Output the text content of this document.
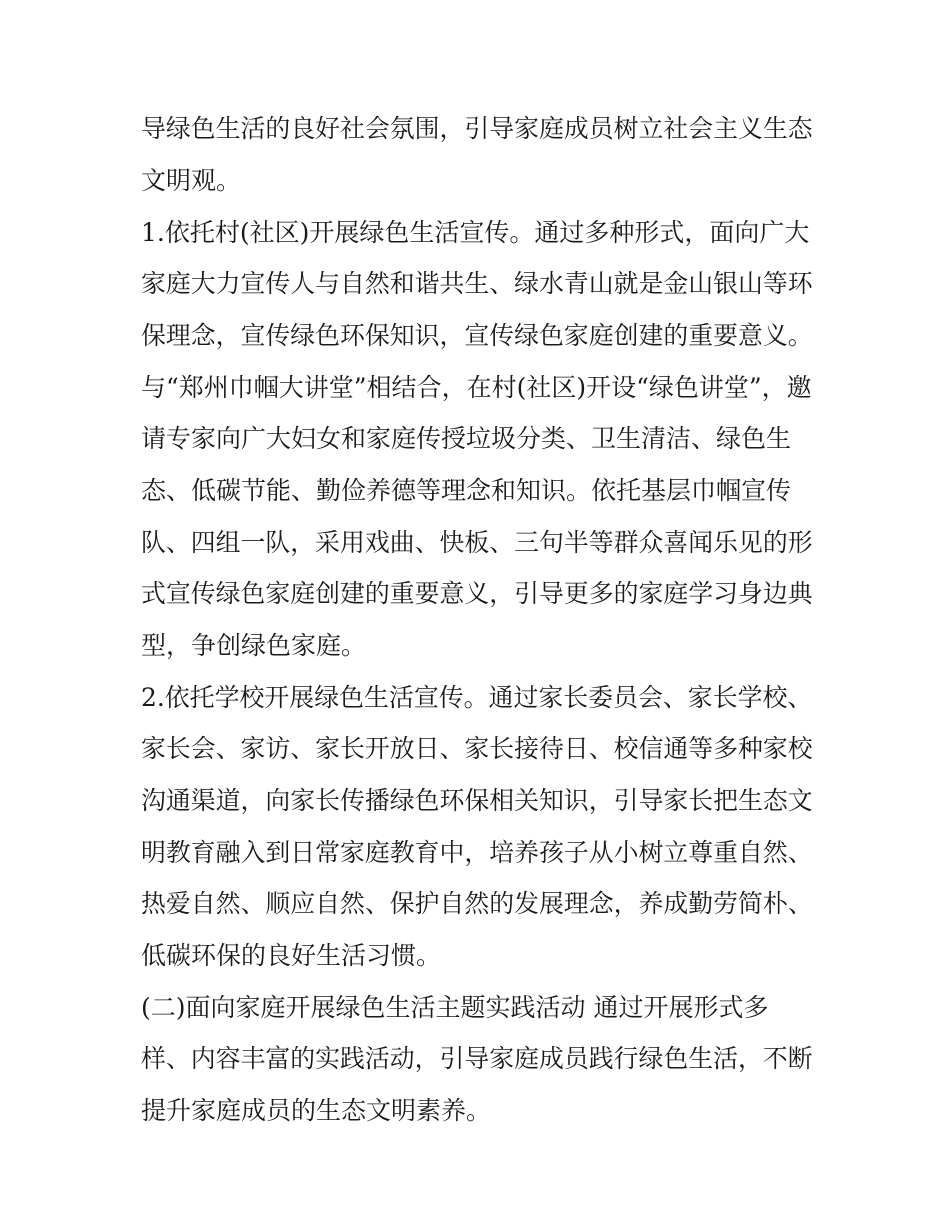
导绿色生活的良好社会氛围，引导家庭成员树立社会主义生态
文明观。
1.依托村(社区)开展绿色生活宣传。通过多种形式，面向广大
家庭大力宣传人与自然和谐共生、绿水青山就是金山银山等环
保理念，宣传绿色环保知识，宣传绿色家庭创建的重要意义。
与“郑州巾帼大讲堂”相结合，在村(社区)开设“绿色讲堂”，邀
请专家向广大妇女和家庭传授垃圾分类、卫生清洁、绿色生
态、低碳节能、勤俭养德等理念和知识。依托基层巾帼宣传
队、四组一队，采用戏曲、快板、三句半等群众喜闻乐见的形
式宣传绿色家庭创建的重要意义，引导更多的家庭学习身边典
型，争创绿色家庭。
2.依托学校开展绿色生活宣传。通过家长委员会、家长学校、
家长会、家访、家长开放日、家长接待日、校信通等多种家校
沟通渠道，向家长传播绿色环保相关知识，引导家长把生态文
明教育融入到日常家庭教育中，培养孩子从小树立尊重自然、
热爱自然、顺应自然、保护自然的发展理念，养成勤劳简朴、
低碳环保的良好生活习惯。
(二)面向家庭开展绿色生活主题实践活动 通过开展形式多
样、内容丰富的实践活动，引导家庭成员践行绿色生活，不断
提升家庭成员的生态文明素养。
